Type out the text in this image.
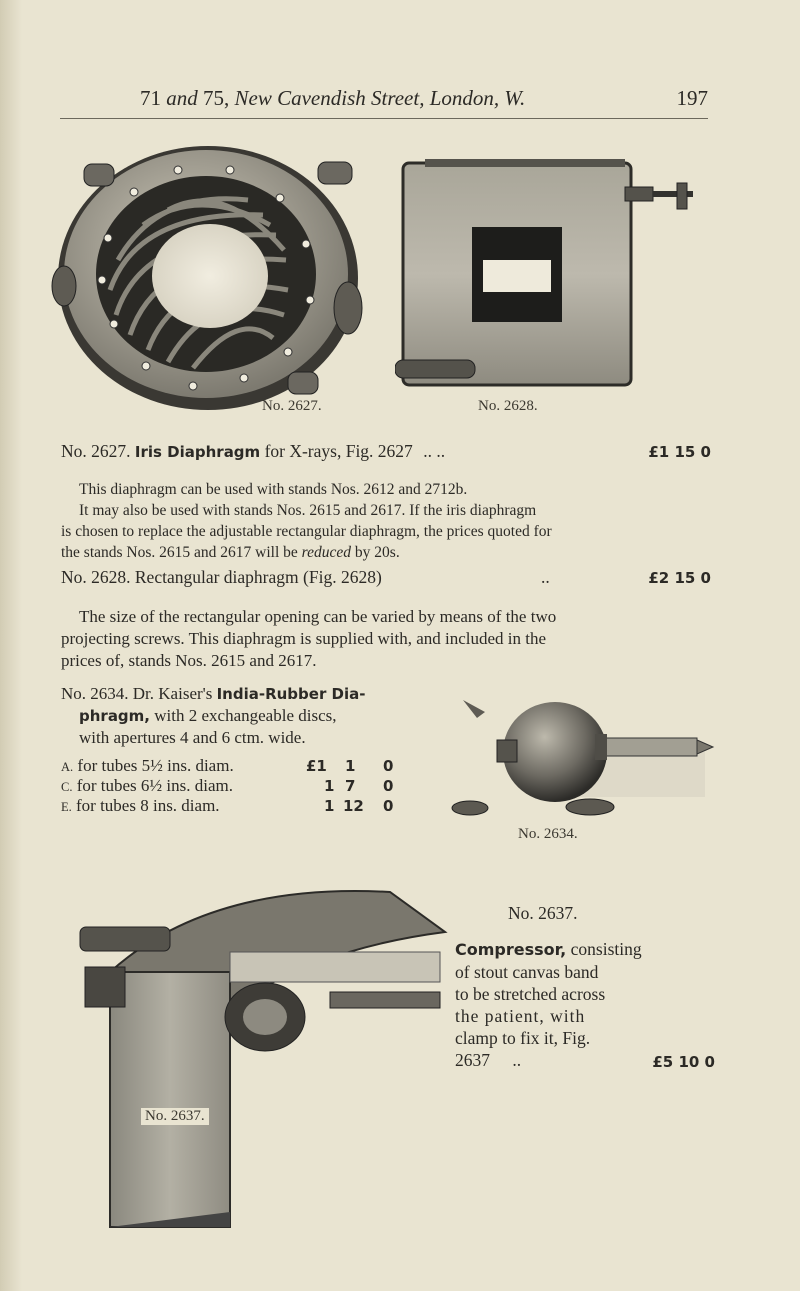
71 and 75, New Cavendish Street, London, W.	197
No. 2627.	No. 2628.
No. 2627. Iris Diaphragm for X-rays, Fig. 2627 .. ..	£1 15 0
This diaphragm can be used with stands Nos. 2612 and 2712b.
It may also be used with stands Nos. 2615 and 2617. If the iris diaphragm
is chosen to replace the adjustable rectangular diaphragm, the prices quoted for
the stands Nos. 2615 and 2617 will be reduced by 20s.
No. 2628. Rectangular diaphragm (Fig. 2628)	..	£2 15 0
The size of the rectangular opening can be varied by means of the two
projecting screws. This diaphragm is supplied with, and included in the
prices of, stands Nos. 2615 and 2617.
No. 2634. Dr. Kaiser's India-Rubber Dia-
phragm, with 2 exchangeable discs,
with apertures 4 and 6 ctm. wide.
A. for tubes 5½ ins. diam.	£1 1 0
C. for tubes 6½ ins. diam.	1 7 0
E. for tubes 8 ins. diam.	1 12 0
No. 2634.
No. 2637.
No. 2637.
Compressor, consisting
of stout canvas band
to be stretched across
the patient, with
clamp to fix it, Fig.
2637 ..	£5 10 0
